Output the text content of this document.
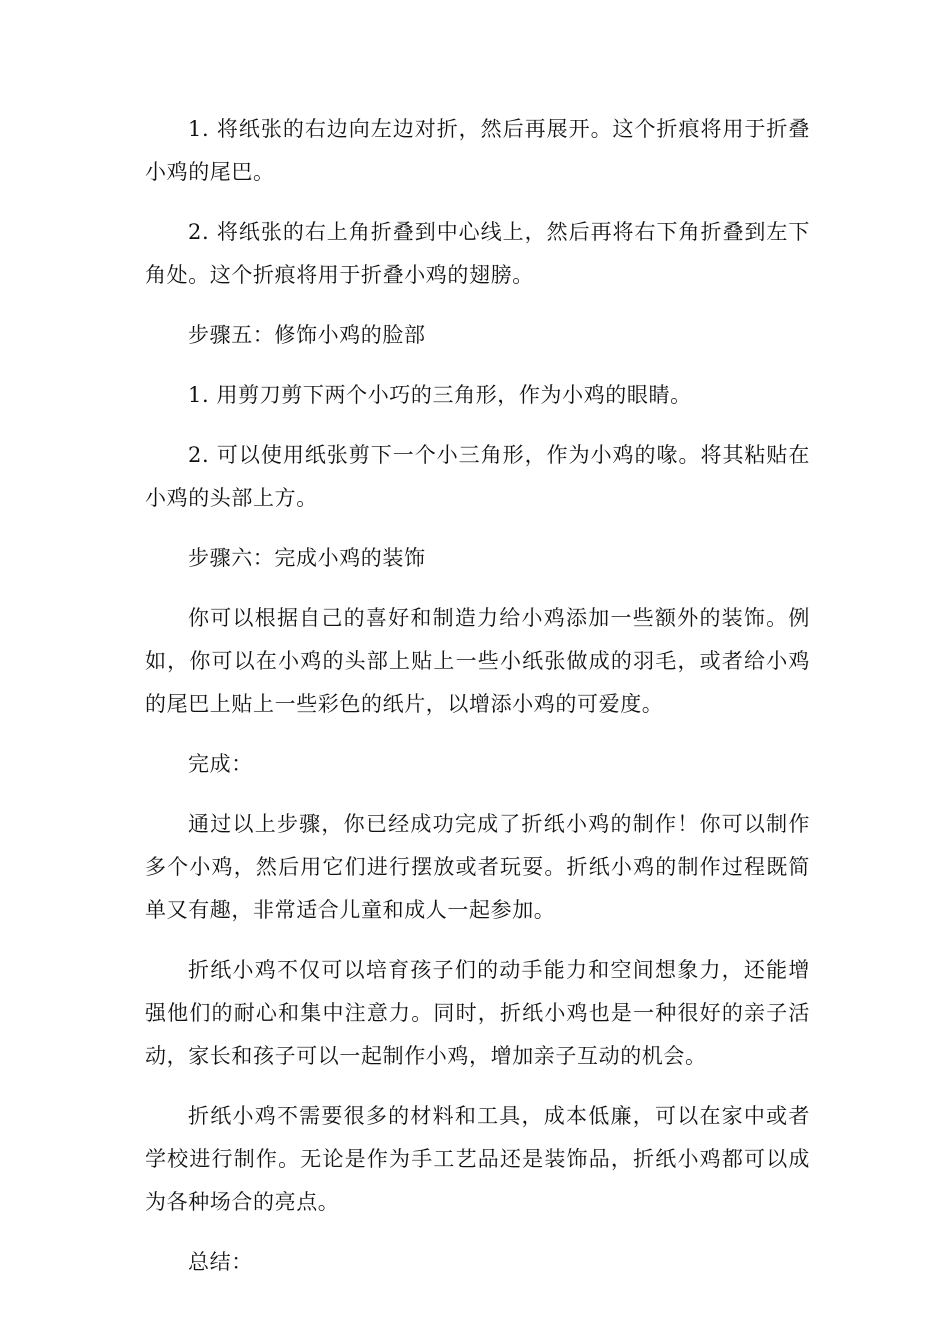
1. 将纸张的右边向左边对折，然后再展开。这个折痕将用于折叠小鸡的尾巴。

2. 将纸张的右上角折叠到中心线上，然后再将右下角折叠到左下角处。这个折痕将用于折叠小鸡的翅膀。

步骤五：修饰小鸡的脸部

1. 用剪刀剪下两个小巧的三角形，作为小鸡的眼睛。

2. 可以使用纸张剪下一个小三角形，作为小鸡的喙。将其粘贴在小鸡的头部上方。

步骤六：完成小鸡的装饰

你可以根据自己的喜好和制造力给小鸡添加一些额外的装饰。例如，你可以在小鸡的头部上贴上一些小纸张做成的羽毛，或者给小鸡的尾巴上贴上一些彩色的纸片，以增添小鸡的可爱度。

完成：

通过以上步骤，你已经成功完成了折纸小鸡的制作！你可以制作多个小鸡，然后用它们进行摆放或者玩耍。折纸小鸡的制作过程既简单又有趣，非常适合儿童和成人一起参加。

折纸小鸡不仅可以培育孩子们的动手能力和空间想象力，还能增强他们的耐心和集中注意力。同时，折纸小鸡也是一种很好的亲子活动，家长和孩子可以一起制作小鸡，增加亲子互动的机会。

折纸小鸡不需要很多的材料和工具，成本低廉，可以在家中或者学校进行制作。无论是作为手工艺品还是装饰品，折纸小鸡都可以成为各种场合的亮点。

总结：
